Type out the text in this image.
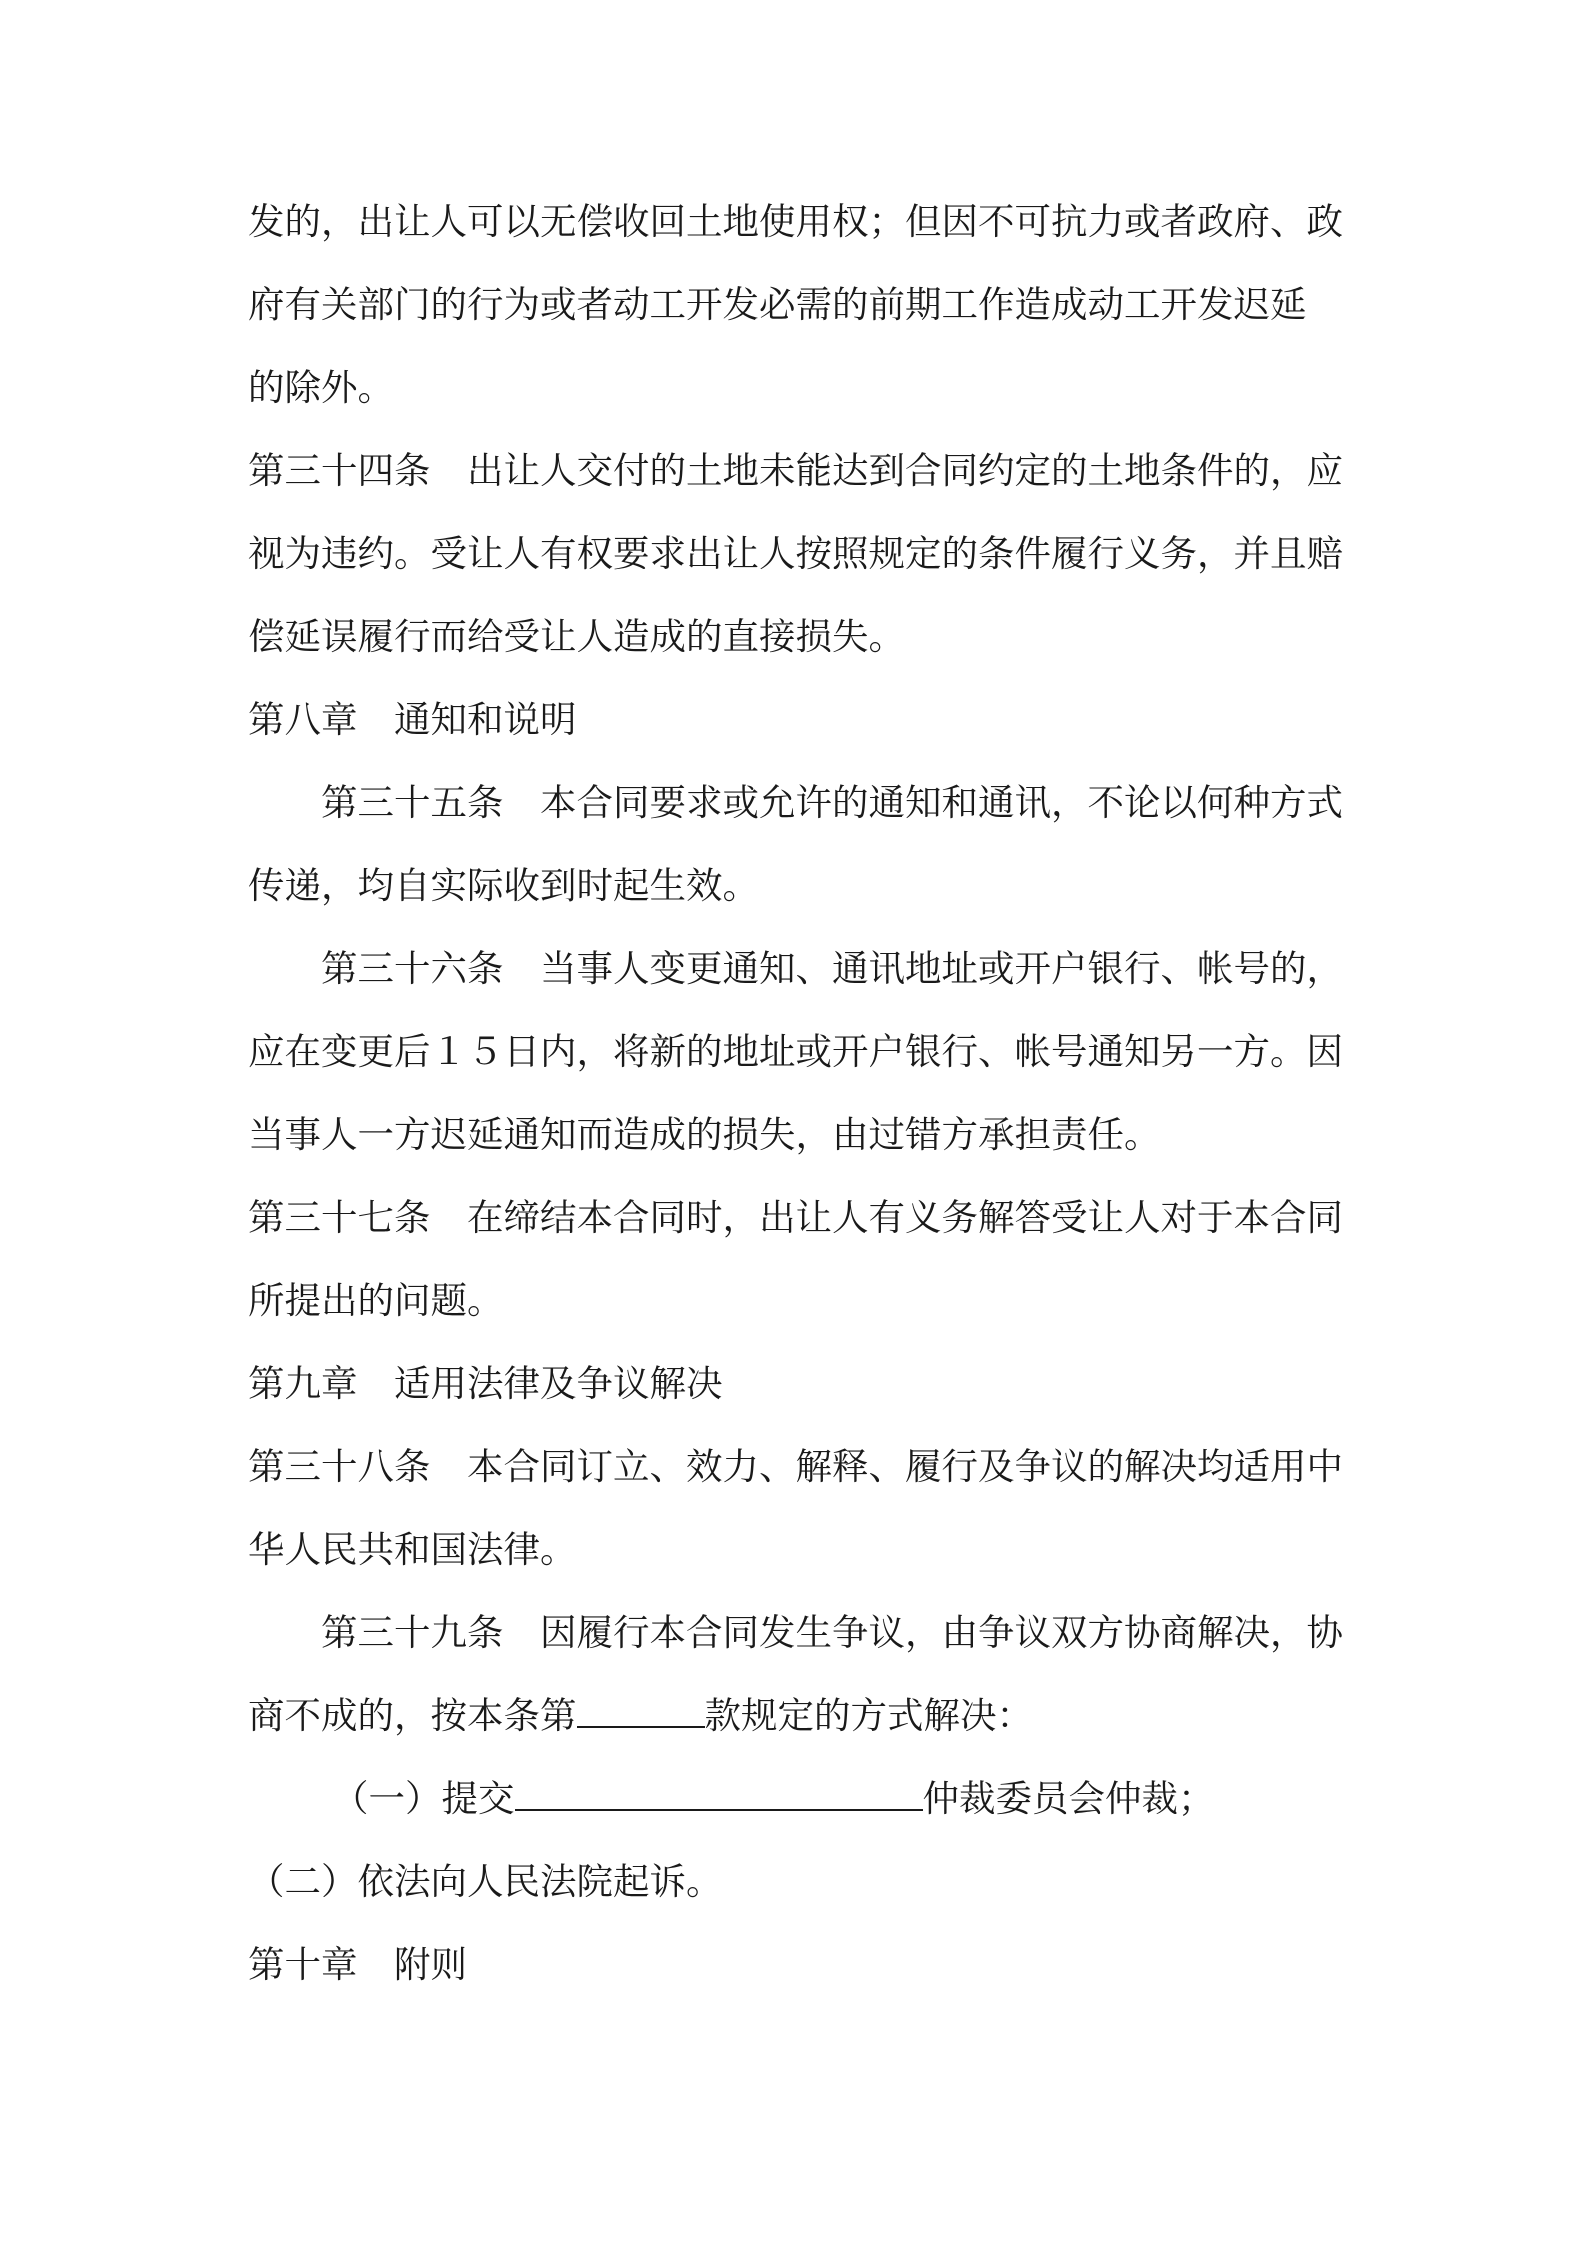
发的，出让人可以无偿收回土地使用权；但因不可抗力或者政府、政
府有关部门的行为或者动工开发必需的前期工作造成动工开发迟延
的除外。
第三十四条　出让人交付的土地未能达到合同约定的土地条件的，应
视为违约。受让人有权要求出让人按照规定的条件履行义务，并且赔
偿延误履行而给受让人造成的直接损失。
第八章　通知和说明
第三十五条　本合同要求或允许的通知和通讯，不论以何种方式
传递，均自实际收到时起生效。
第三十六条　当事人变更通知、通讯地址或开户银行、帐号的，
应在变更后１５日内，将新的地址或开户银行、帐号通知另一方。因
当事人一方迟延通知而造成的损失，由过错方承担责任。
第三十七条　在缔结本合同时，出让人有义务解答受让人对于本合同
所提出的问题。
第九章　适用法律及争议解决
第三十八条　本合同订立、效力、解释、履行及争议的解决均适用中
华人民共和国法律。
第三十九条　因履行本合同发生争议，由争议双方协商解决，协
商不成的，按本条第	款规定的方式解决：
（一）提交	仲裁委员会仲裁；
（二）依法向人民法院起诉。
第十章　附则
